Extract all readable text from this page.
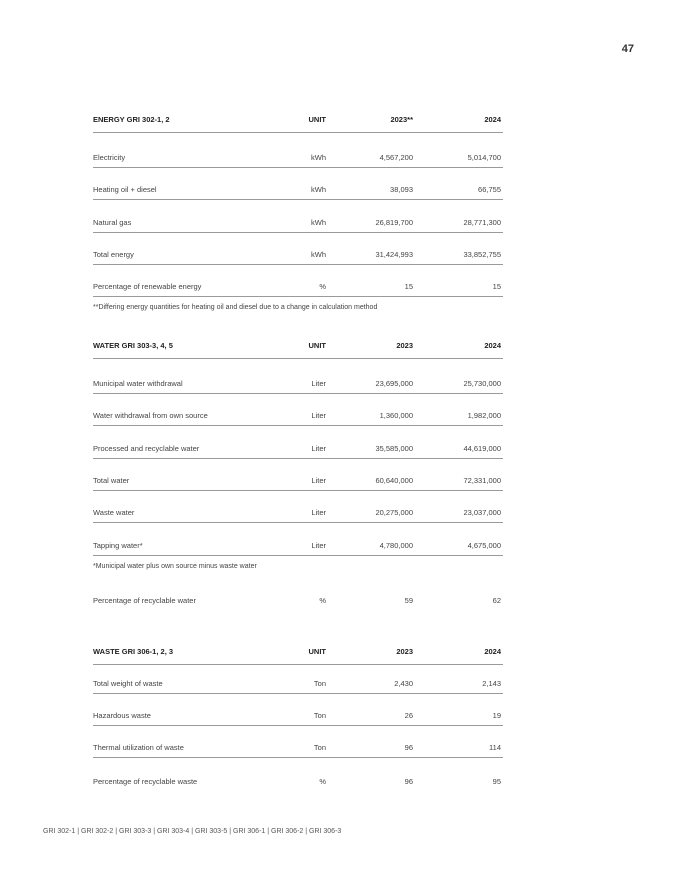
47
ENERGY GRI 302-1, 2	UNIT	2023**	2024
Electricity	kWh	4,567,200	5,014,700
Heating oil + diesel	kWh	38,093	66,755
Natural gas	kWh	26,819,700	28,771,300
Total energy	kWh	31,424,993	33,852,755
Percentage of renewable energy	%	15	15
**Differing energy quantities for heating oil and diesel due to a change in calculation method
WATER GRI 303-3, 4, 5	UNIT	2023	2024
Municipal water withdrawal	Liter	23,695,000	25,730,000
Water withdrawal from own source	Liter	1,360,000	1,982,000
Processed and recyclable water	Liter	35,585,000	44,619,000
Total water	Liter	60,640,000	72,331,000
Waste water	Liter	20,275,000	23,037,000
Tapping water*	Liter	4,780,000	4,675,000
*Municipal water plus own source minus waste water
Percentage of recyclable water	%	59	62
WASTE GRI 306-1, 2, 3	UNIT	2023	2024
Total weight of waste	Ton	2,430	2,143
Hazardous waste	Ton	26	19
Thermal utilization of waste	Ton	96	114
Percentage of recyclable waste	%	96	95
GRI 302-1 | GRI 302-2 | GRI 303-3 | GRI 303-4 | GRI 303-5 | GRI 306-1 | GRI 306-2 | GRI 306-3
